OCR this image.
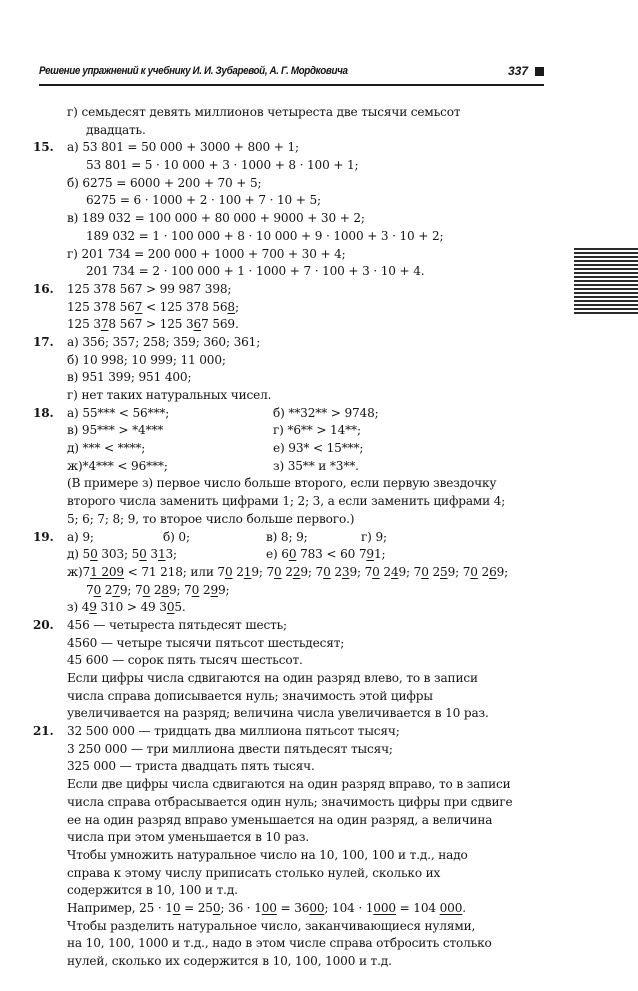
Решение упражнений к учебнику И. И. Зубаревой, А. Г. Мордковича	337
г) семьдесят девять миллионов четыреста две тысячи семьсот
двадцать.
15. а) 53 801 = 50 000 + 3000 + 800 + 1;
53 801 = 5 · 10 000 + 3 · 1000 + 8 · 100 + 1;
б) 6275 = 6000 + 200 + 70 + 5;
6275 = 6 · 1000 + 2 · 100 + 7 · 10 + 5;
в) 189 032 = 100 000 + 80 000 + 9000 + 30 + 2;
189 032 = 1 · 100 000 + 8 · 10 000 + 9 · 1000 + 3 · 10 + 2;
г) 201 734 = 200 000 + 1000 + 700 + 30 + 4;
201 734 = 2 · 100 000 + 1 · 1000 + 7 · 100 + 3 · 10 + 4.
16. 125 378 567 > 99 987 398;
125 378 567 < 125 378 568;
125 378 567 > 125 367 569.
17. а) 356; 357; 258; 359; 360; 361;
б) 10 998; 10 999; 11 000;
в) 951 399; 951 400;
г) нет таких натуральных чисел.
18. а) 55*** < 56***;	б) **32** > 9748;
в) 95*** > *4***	г) *6** > 14**;
д) *** < ****;	е) 93* < 15***;
ж)*4*** < 96***;	з) 35** и *3**.
(В примере з) первое число больше второго, если первую звездочку
второго числа заменить цифрами 1; 2; 3, а если заменить цифрами 4;
5; 6; 7; 8; 9, то второе число больше первого.)
19. а) 9;	б) 0;	в) 8; 9;	г) 9;
д) 50 303; 50 313;	е) 60 783 < 60 791;
ж)71 209 < 71 218; или 70 219; 70 229; 70 239; 70 249; 70 259; 70 269;
70 279; 70 289; 70 299;
з) 49 310 > 49 305.
20. 456 — четыреста пятьдесят шесть;
4560 — четыре тысячи пятьсот шестьдесят;
45 600 — сорок пять тысяч шестьсот.
Если цифры числа сдвигаются на один разряд влево, то в записи
числа справа дописывается нуль; значимость этой цифры
увеличивается на разряд; величина числа увеличивается в 10 раз.
21. 32 500 000 — тридцать два миллиона пятьсот тысяч;
3 250 000 — три миллиона двести пятьдесят тысяч;
325 000 — триста двадцать пять тысяч.
Если две цифры числа сдвигаются на один разряд вправо, то в записи
числа справа отбрасывается один нуль; значимость цифры при сдвиге
ее на один разряд вправо уменьшается на один разряд, а величина
числа при этом уменьшается в 10 раз.
Чтобы умножить натуральное число на 10, 100, 100 и т.д., надо
справа к этому числу приписать столько нулей, сколько их
содержится в 10, 100 и т.д.
Например, 25 · 10 = 250; 36 · 100 = 3600; 104 · 1000 = 104 000.
Чтобы разделить натуральное число, заканчивающиеся нулями,
на 10, 100, 1000 и т.д., надо в этом числе справа отбросить столько
нулей, сколько их содержится в 10, 100, 1000 и т.д.
